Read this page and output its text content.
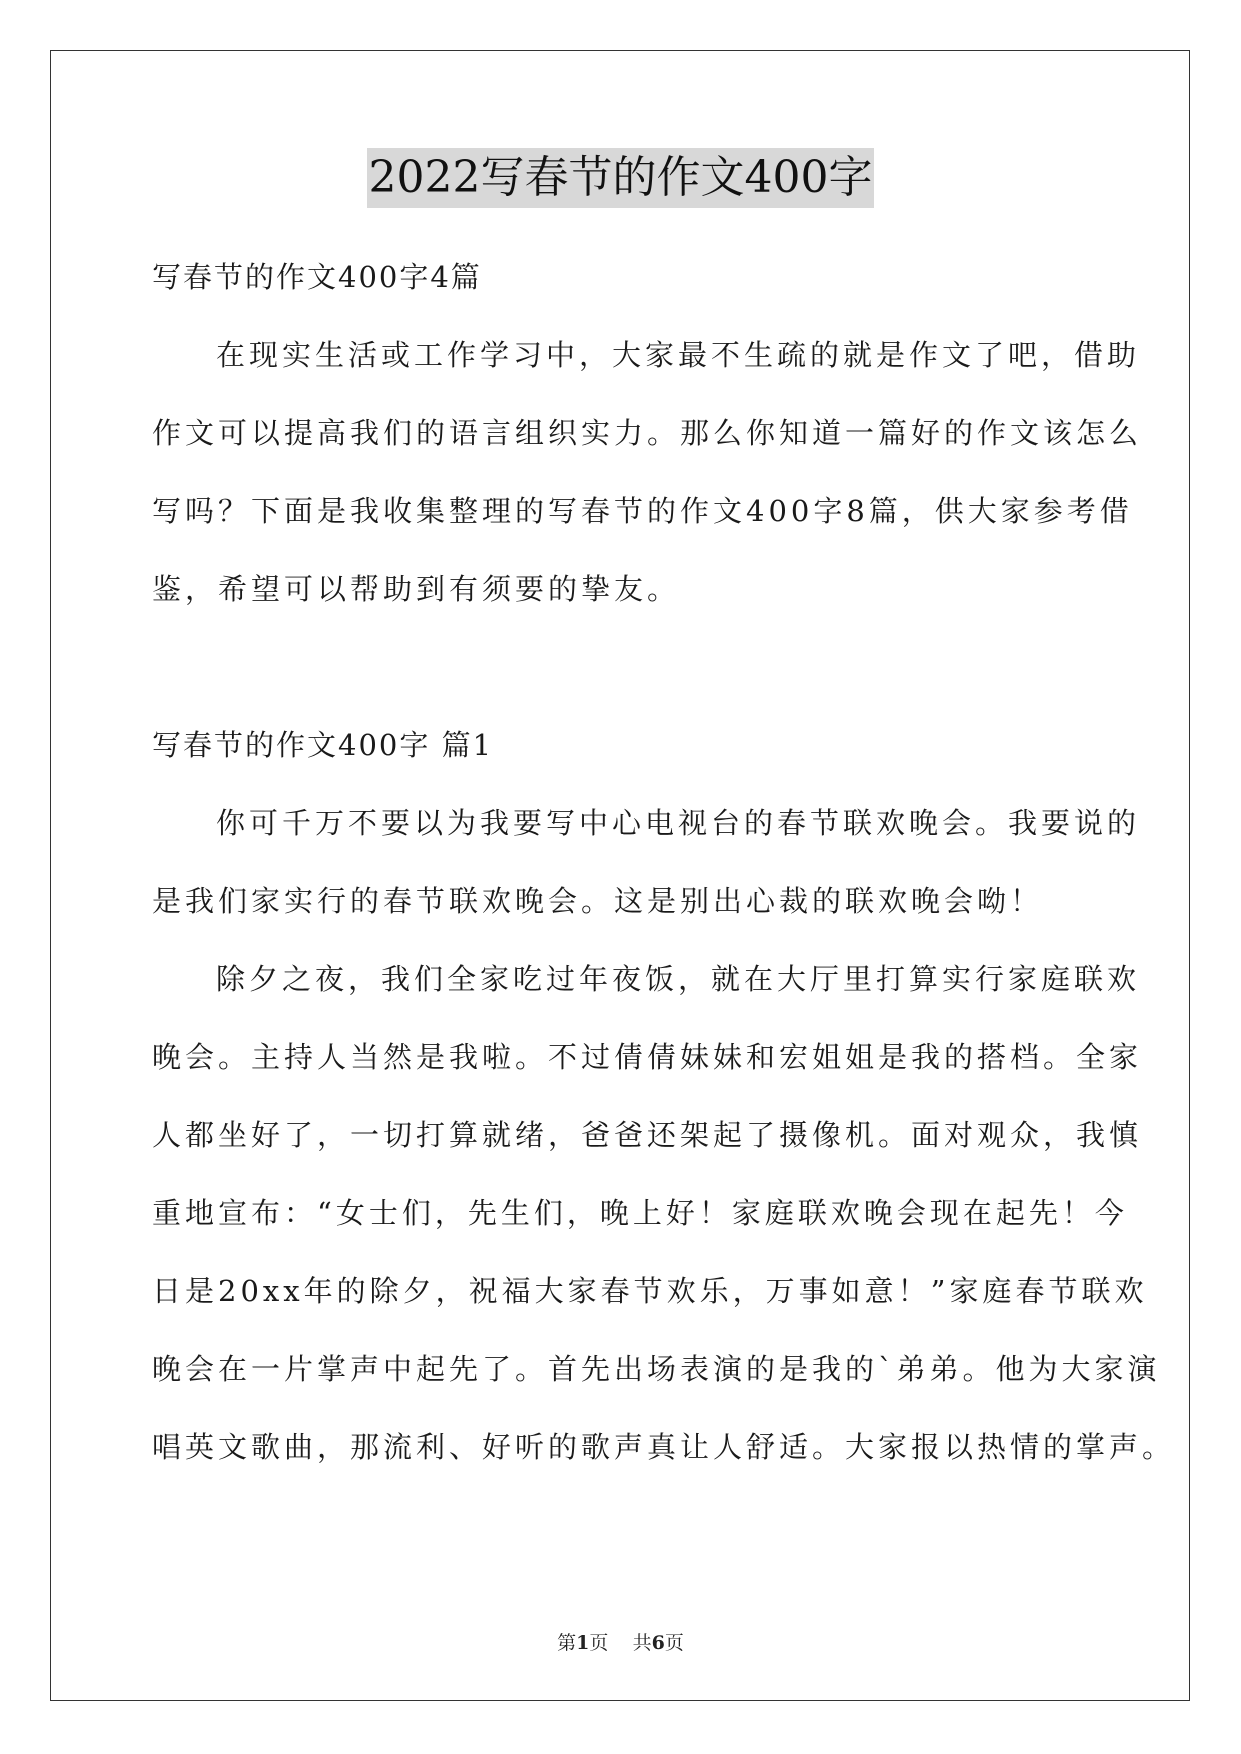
2022写春节的作文400字
写春节的作文400字4篇
在现实生活或工作学习中，大家最不生疏的就是作文了吧，借助
作文可以提高我们的语言组织实力。那么你知道一篇好的作文该怎么
写吗？下面是我收集整理的写春节的作文400字8篇，供大家参考借
鉴，希望可以帮助到有须要的挚友。
写春节的作文400字 篇1
你可千万不要以为我要写中心电视台的春节联欢晚会。我要说的
是我们家实行的春节联欢晚会。这是别出心裁的联欢晚会呦！
除夕之夜，我们全家吃过年夜饭，就在大厅里打算实行家庭联欢
晚会。主持人当然是我啦。不过倩倩妹妹和宏姐姐是我的搭档。全家
人都坐好了，一切打算就绪，爸爸还架起了摄像机。面对观众，我慎
重地宣布：“女士们，先生们，晚上好！家庭联欢晚会现在起先！今
日是20xx年的除夕，祝福大家春节欢乐，万事如意！”家庭春节联欢
晚会在一片掌声中起先了。首先出场表演的是我的`弟弟。他为大家演
唱英文歌曲，那流利、好听的歌声真让人舒适。大家报以热情的掌声。
第1页 共6页
